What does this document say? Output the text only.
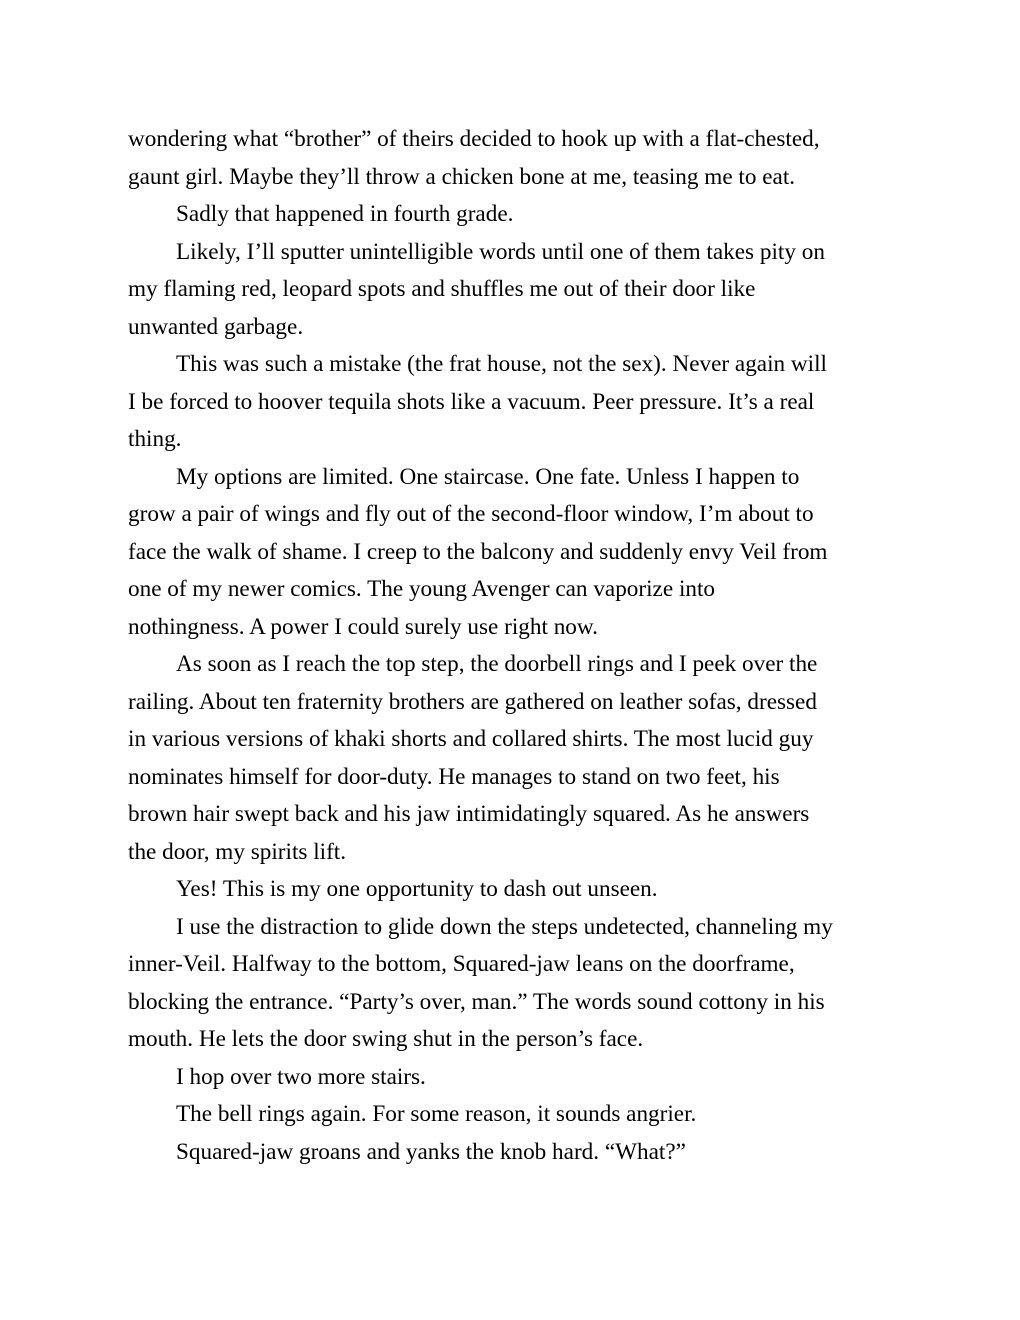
wondering what “brother” of theirs decided to hook up with a flat-chested,
gaunt girl. Maybe they’ll throw a chicken bone at me, teasing me to eat.
Sadly that happened in fourth grade.
Likely, I’ll sputter unintelligible words until one of them takes pity on
my flaming red, leopard spots and shuffles me out of their door like
unwanted garbage.
This was such a mistake (the frat house, not the sex). Never again will
I be forced to hoover tequila shots like a vacuum. Peer pressure. It’s a real
thing.
My options are limited. One staircase. One fate. Unless I happen to
grow a pair of wings and fly out of the second-floor window, I’m about to
face the walk of shame. I creep to the balcony and suddenly envy Veil from
one of my newer comics. The young Avenger can vaporize into
nothingness. A power I could surely use right now.
As soon as I reach the top step, the doorbell rings and I peek over the
railing. About ten fraternity brothers are gathered on leather sofas, dressed
in various versions of khaki shorts and collared shirts. The most lucid guy
nominates himself for door-duty. He manages to stand on two feet, his
brown hair swept back and his jaw intimidatingly squared. As he answers
the door, my spirits lift.
Yes! This is my one opportunity to dash out unseen.
I use the distraction to glide down the steps undetected, channeling my
inner-Veil. Halfway to the bottom, Squared-jaw leans on the doorframe,
blocking the entrance. “Party’s over, man.” The words sound cottony in his
mouth. He lets the door swing shut in the person’s face.
I hop over two more stairs.
The bell rings again. For some reason, it sounds angrier.
Squared-jaw groans and yanks the knob hard. “What?”
